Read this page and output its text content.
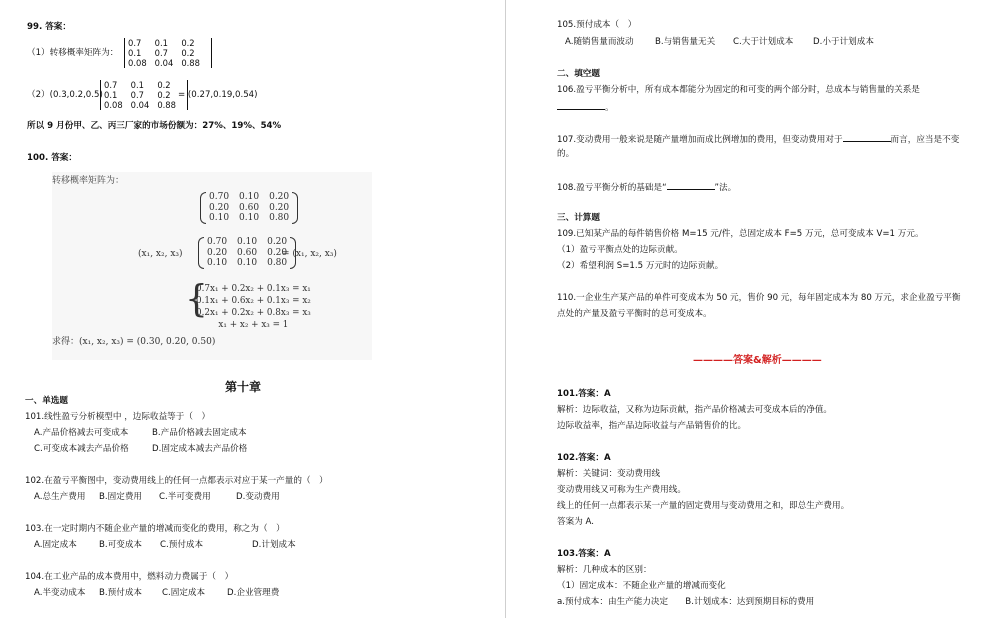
99. 答案：
（1）转移概率矩阵为：
0.7	0.1	0.2
0.1	0.7	0.2
0.08	0.04	0.88
（2）(0.3,0.2,0.5)
0.7	0.1	0.2
0.1	0.7	0.2
0.08	0.04	0.88
= (0.27,0.19,0.54)
所以 9 月份甲、乙、丙三厂家的市场份额为：27%、19%、54%
100. 答案：
转移概率矩阵为：
0.70	0.10	0.20
0.20	0.60	0.20
0.10	0.10	0.80
(x₁, x₂, x₃)
0.70	0.10	0.20
0.20	0.60	0.20
0.10	0.10	0.80
= (x₁, x₂, x₃)
{
0.7x₁ + 0.2x₂ + 0.1x₃ = x₁
0.1x₁ + 0.6x₂ + 0.1x₃ = x₂
0.2x₁ + 0.2x₂ + 0.8x₃ = x₃
x₁ + x₂ + x₃ = 1
求得：(x₁, x₂, x₃) = (0.30, 0.20, 0.50)
第十章
一、单选题
101.线性盈亏分析模型中 ，边际收益等于（　）
A.产品价格减去可变成本	B.产品价格减去固定成本
C.可变成本减去产品价格	D.固定成本减去产品价格
102.在盈亏平衡图中，变动费用线上的任何一点都表示对应于某一产量的（　）
A.总生产费用 B.固定费用 C.半可变费用	D.变动费用
103.在一定时期内不随企业产量的增减而变化的费用，称之为（　）
A.固定成本	B.可变成本 C.预付成本	D.计划成本
104.在工业产品的成本费用中，燃料动力费属于（　）
A.半变动成本 B.预付成本 C.固定成本	D.企业管理费
105.预付成本（　）
A.随销售量而波动 B.与销售量无关 C.大于计划成本 D.小于计划成本
二、填空题
106.盈亏平衡分析中，所有成本都能分为固定的和可变的两个部分时，总成本与销售量的关系是
。
107.变动费用一般来说是随产量增加而成比例增加的费用，但变动费用对于	而言，应当是不变
的。
108.盈亏平衡分析的基础是“	”法。
三、计算题
109.已知某产品的每件销售价格 M=15 元/件，总固定成本 F=5 万元，总可变成本 V=1 万元。
（1）盈亏平衡点处的边际贡献。
（2）希望利润 S=1.5 万元时的边际贡献。
110.一企业生产某产品的单件可变成本为 50 元，售价 90 元，每年固定成本为 80 万元，求企业盈亏平衡
点处的产量及盈亏平衡时的总可变成本。
————答案&解析————
101.答案：A
解析：边际收益，又称为边际贡献，指产品价格减去可变成本后的净值。
边际收益率，指产品边际收益与产品销售价的比。
102.答案：A
解析：关键词：变动费用线
变动费用线又可称为生产费用线。
线上的任何一点都表示某一产量的固定费用与变动费用之和，即总生产费用。
答案为 A.
103.答案：A
解析：几种成本的区别：
（1）固定成本：不随企业产量的增减而变化
a.预付成本：由生产能力决定　　B.计划成本：达到预期目标的费用
